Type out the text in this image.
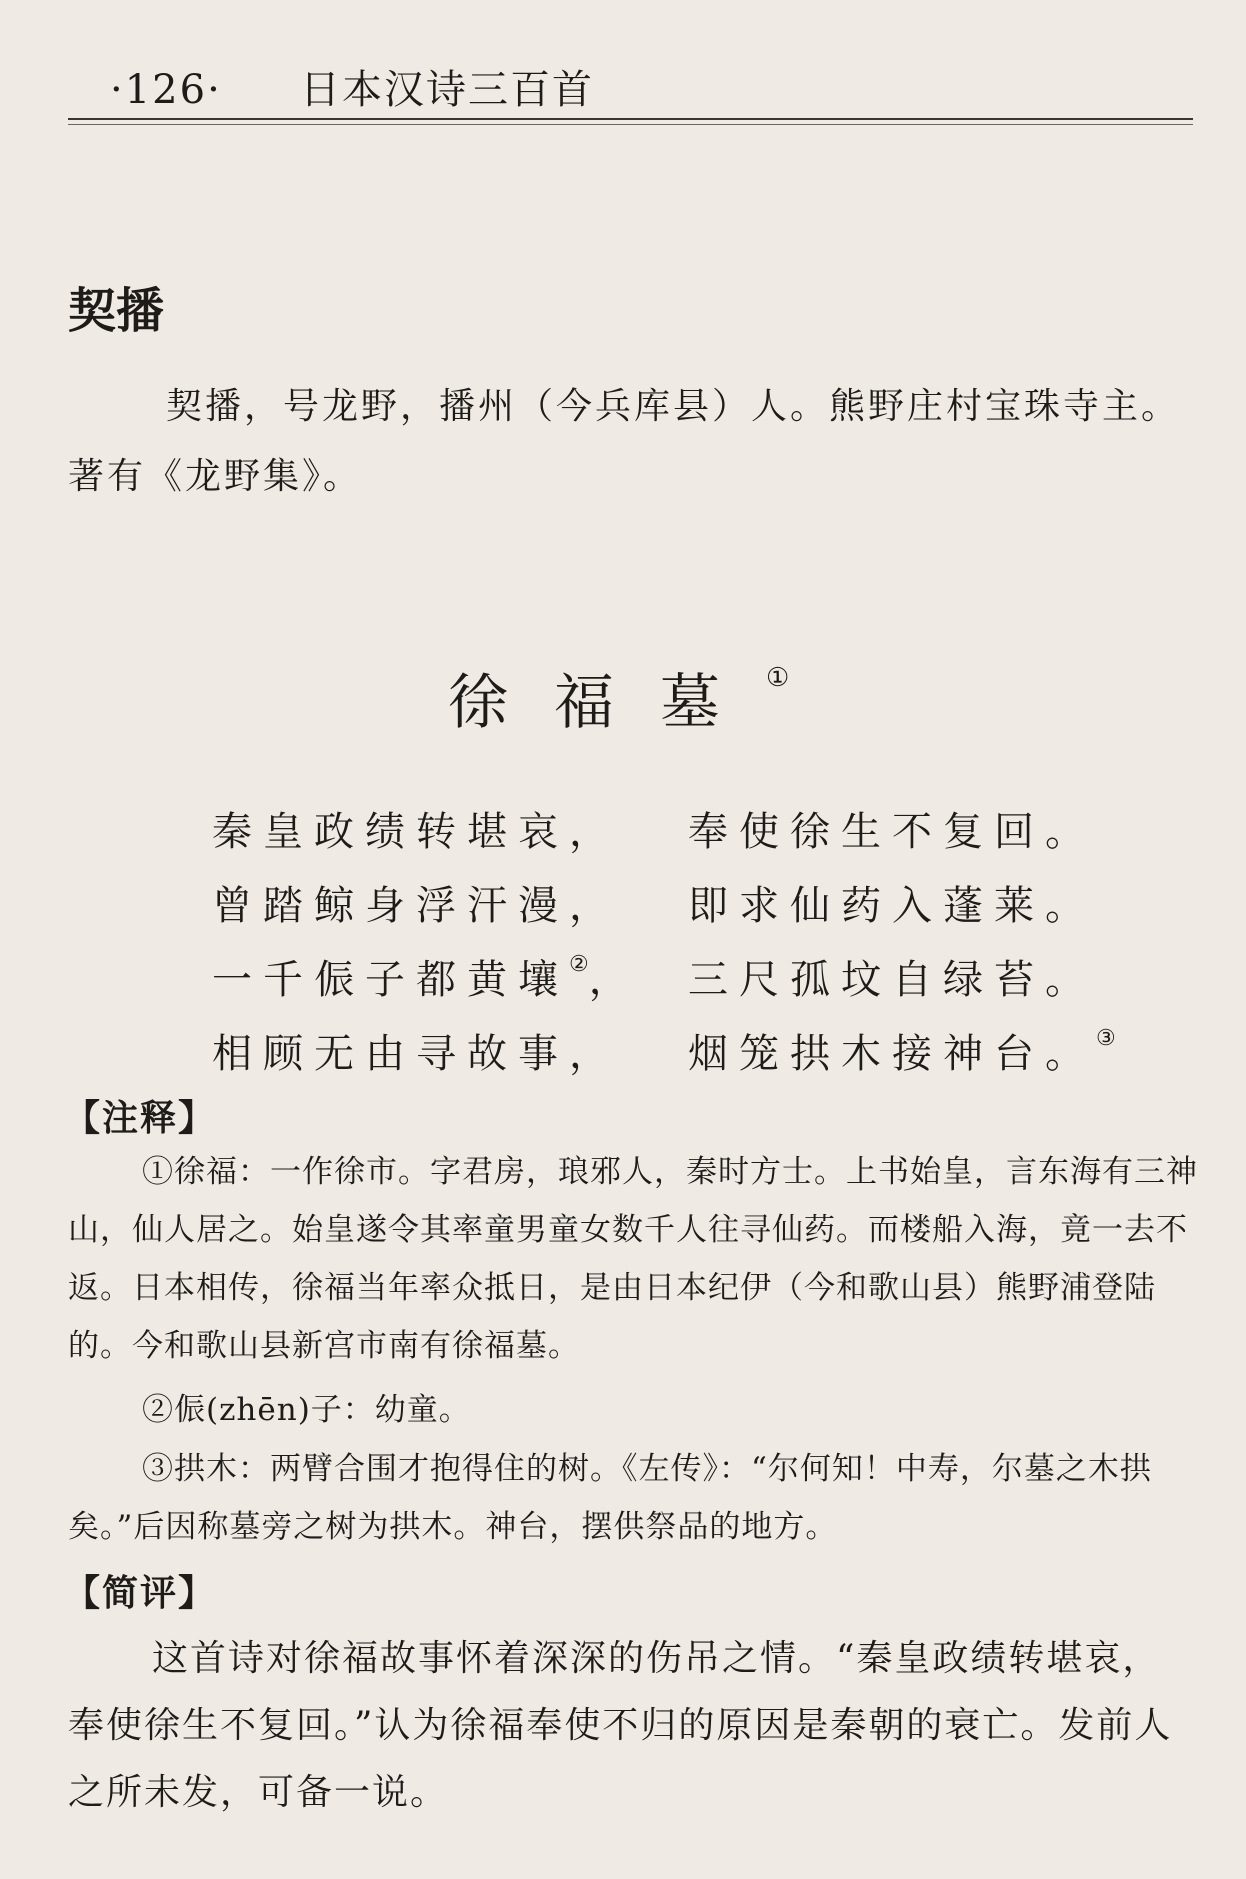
·126· 日本汉诗三百首
契播
契播，号龙野，播州（今兵库县）人。熊野庄村宝珠寺主。著有《龙野集》。
徐福墓①
秦皇政绩转堪哀， 奉使徐生不复回。
曾踏鲸身浮汗漫， 即求仙药入蓬莱。
一千侲子都黄壤②， 三尺孤坟自绿苔。
相顾无由寻故事， 烟笼拱木接神台。③
【注释】
①徐福：一作徐市。字君房，琅邪人，秦时方士。上书始皇，言东海有三神山，仙人居之。始皇遂令其率童男童女数千人往寻仙药。而楼船入海，竟一去不返。日本相传，徐福当年率众抵日，是由日本纪伊（今和歌山县）熊野浦登陆的。今和歌山县新宫市南有徐福墓。
②侲(zhēn)子：幼童。
③拱木：两臂合围才抱得住的树。《左传》：“尔何知！中寿，尔墓之木拱矣。”后因称墓旁之树为拱木。神台，摆供祭品的地方。
【简评】
这首诗对徐福故事怀着深深的伤吊之情。“秦皇政绩转堪哀，奉使徐生不复回。”认为徐福奉使不归的原因是秦朝的衰亡。发前人之所未发，可备一说。
